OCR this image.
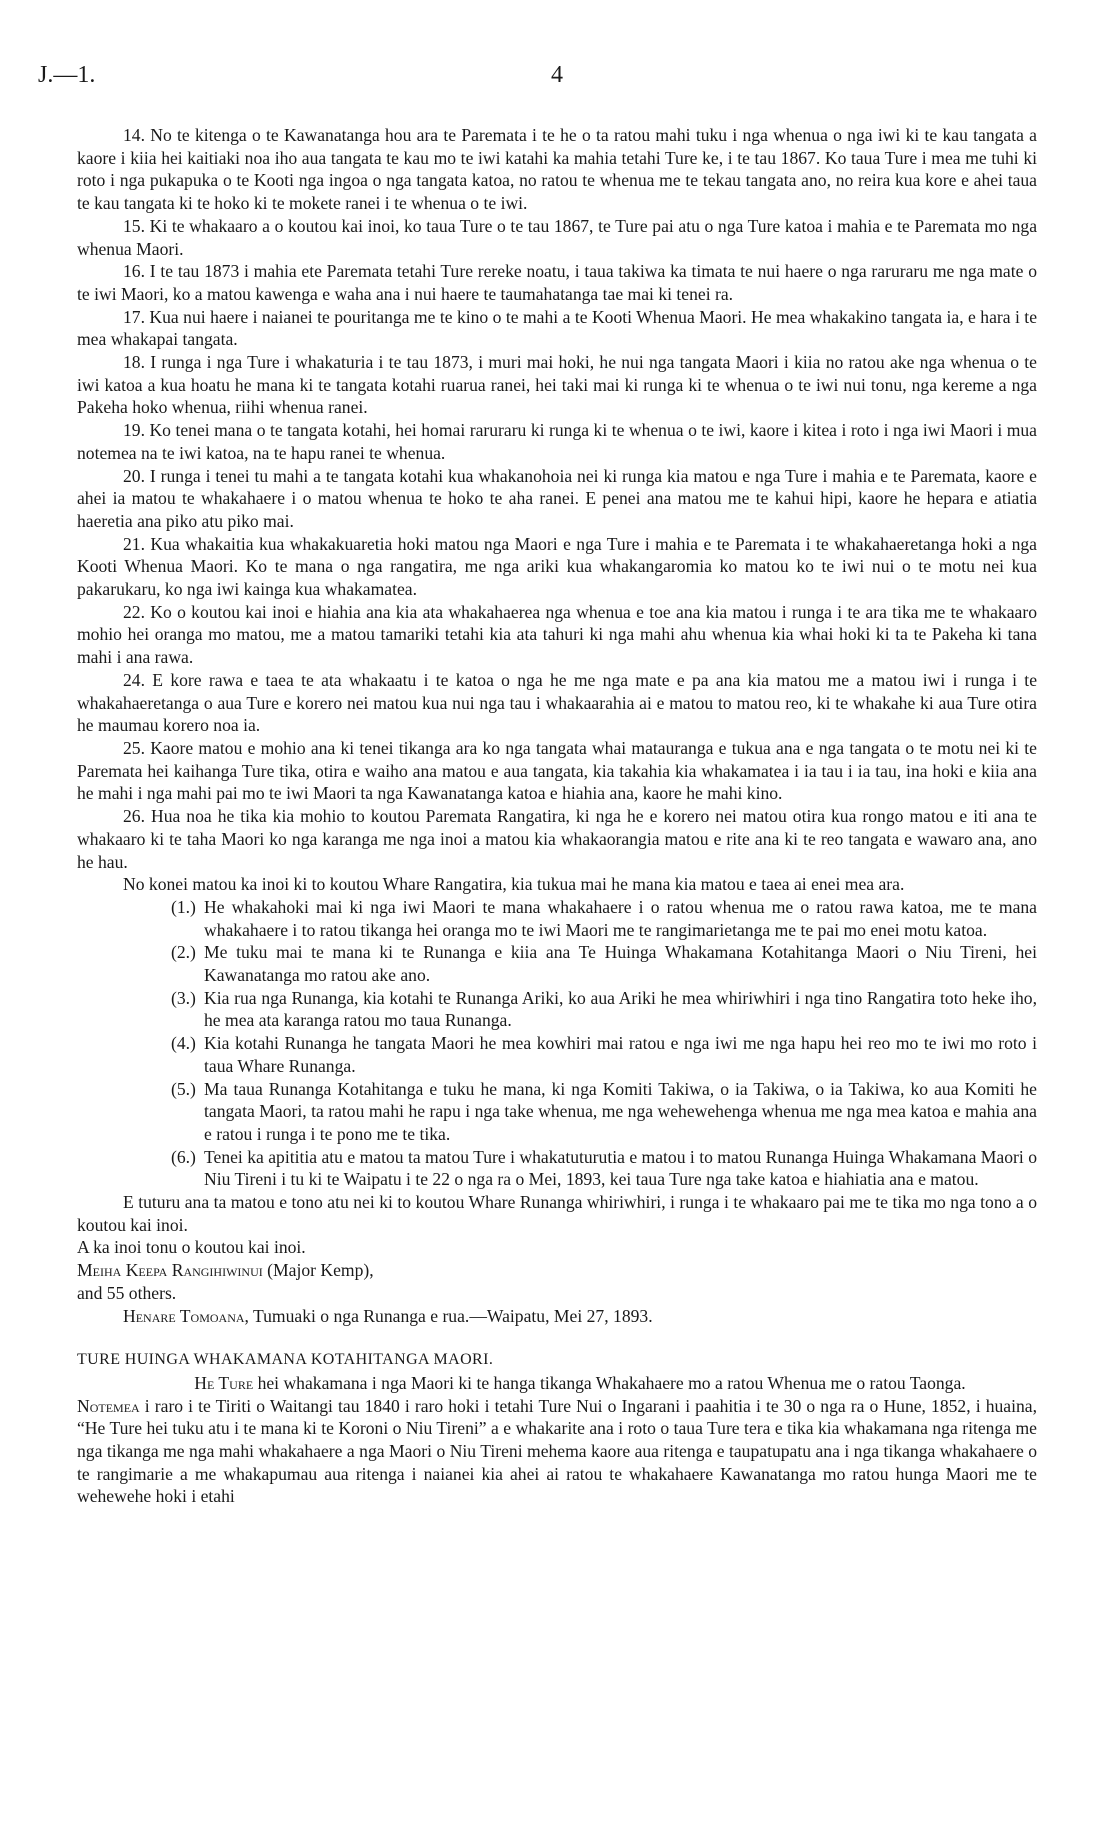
J.—1.	4

14. No te kitenga o te Kawanatanga hou ara te Paremata i te he o ta ratou mahi tuku i nga whenua o nga iwi ki te kau tangata a kaore i kiia hei kaitiaki noa iho aua tangata te kau mo te iwi katahi ka mahia tetahi Ture ke, i te tau 1867. Ko taua Ture i mea me tuhi ki roto i nga pukapuka o te Kooti nga ingoa o nga tangata katoa, no ratou te whenua me te tekau tangata ano, no reira kua kore e ahei taua te kau tangata ki te hoko ki te mokete ranei i te whenua o te iwi.

15. Ki te whakaaro a o koutou kai inoi, ko taua Ture o te tau 1867, te Ture pai atu o nga Ture katoa i mahia e te Paremata mo nga whenua Maori.

16. I te tau 1873 i mahia ete Paremata tetahi Ture rereke noatu, i taua takiwa ka timata te nui haere o nga raruraru me nga mate o te iwi Maori, ko a matou kawenga e waha ana i nui haere te taumahatanga tae mai ki tenei ra.

17. Kua nui haere i naianei te pouritanga me te kino o te mahi a te Kooti Whenua Maori. He mea whakakino tangata ia, e hara i te mea whakapai tangata.

18. I runga i nga Ture i whakaturia i te tau 1873, i muri mai hoki, he nui nga tangata Maori i kiia no ratou ake nga whenua o te iwi katoa a kua hoatu he mana ki te tangata kotahi ruarua ranei, hei taki mai ki runga ki te whenua o te iwi nui tonu, nga kereme a nga Pakeha hoko whenua, riihi whenua ranei.

19. Ko tenei mana o te tangata kotahi, hei homai raruraru ki runga ki te whenua o te iwi, kaore i kitea i roto i nga iwi Maori i mua notemea na te iwi katoa, na te hapu ranei te whenua.

20. I runga i tenei tu mahi a te tangata kotahi kua whakanohoia nei ki runga kia matou e nga Ture i mahia e te Paremata, kaore e ahei ia matou te whakahaere i o matou whenua te hoko te aha ranei. E penei ana matou me te kahui hipi, kaore he hepara e atiatia haeretia ana piko atu piko mai.

21. Kua whakaitia kua whakakuaretia hoki matou nga Maori e nga Ture i mahia e te Paremata i te whakahaeretanga hoki a nga Kooti Whenua Maori. Ko te mana o nga rangatira, me nga ariki kua whakangaromia ko matou ko te iwi nui o te motu nei kua pakarukaru, ko nga iwi kainga kua whakamatea.

22. Ko o koutou kai inoi e hiahia ana kia ata whakahaerea nga whenua e toe ana kia matou i runga i te ara tika me te whakaaro mohio hei oranga mo matou, me a matou tamariki tetahi kia ata tahuri ki nga mahi ahu whenua kia whai hoki ki ta te Pakeha ki tana mahi i ana rawa.

24. E kore rawa e taea te ata whakaatu i te katoa o nga he me nga mate e pa ana kia matou me a matou iwi i runga i te whakahaeretanga o aua Ture e korero nei matou kua nui nga tau i whakaarahia ai e matou to matou reo, ki te whakahe ki aua Ture otira he maumau korero noa ia.

25. Kaore matou e mohio ana ki tenei tikanga ara ko nga tangata whai matauranga e tukua ana e nga tangata o te motu nei ki te Paremata hei kaihanga Ture tika, otira e waiho ana matou e aua tangata, kia takahia kia whakamatea i ia tau i ia tau, ina hoki e kiia ana he mahi i nga mahi pai mo te iwi Maori ta nga Kawanatanga katoa e hiahia ana, kaore he mahi kino.

26. Hua noa he tika kia mohio to koutou Paremata Rangatira, ki nga he e korero nei matou otira kua rongo matou e iti ana te whakaaro ki te taha Maori ko nga karanga me nga inoi a matou kia whakaorangia matou e rite ana ki te reo tangata e wawaro ana, ano he hau.

No konei matou ka inoi ki to koutou Whare Rangatira, kia tukua mai he mana kia matou e taea ai enei mea ara.

(1.) He whakahoki mai ki nga iwi Maori te mana whakahaere i o ratou whenua me o ratou rawa katoa, me te mana whakahaere i to ratou tikanga hei oranga mo te iwi Maori me te rangimarietanga me te pai mo enei motu katoa.
(2.) Me tuku mai te mana ki te Runanga e kiia ana Te Huinga Whakamana Kotahitanga Maori o Niu Tireni, hei Kawanatanga mo ratou ake ano.
(3.) Kia rua nga Runanga, kia kotahi te Runanga Ariki, ko aua Ariki he mea whiriwhiri i nga tino Rangatira toto heke iho, he mea ata karanga ratou mo taua Runanga.
(4.) Kia kotahi Runanga he tangata Maori he mea kowhiri mai ratou e nga iwi me nga hapu hei reo mo te iwi mo roto i taua Whare Runanga.
(5.) Ma taua Runanga Kotahitanga e tuku he mana, ki nga Komiti Takiwa, o ia Takiwa, o ia Takiwa, ko aua Komiti he tangata Maori, ta ratou mahi he rapu i nga take whenua, me nga wehewehenga whenua me nga mea katoa e mahia ana e ratou i runga i te pono me te tika.
(6.) Tenei ka apititia atu e matou ta matou Ture i whakatuturutia e matou i to matou Runanga Huinga Whakamana Maori o Niu Tireni i tu ki te Waipatu i te 22 o nga ra o Mei, 1893, kei taua Ture nga take katoa e hiahiatia ana e matou.

E tuturu ana ta matou e tono atu nei ki to koutou Whare Runanga whiriwhiri, i runga i te whakaaro pai me te tika mo nga tono a o koutou kai inoi.

A ka inoi tonu o koutou kai inoi.

Meiha Keepa Rangihiwinui (Major Kemp),

and 55 others.

Henare Tomoana, Tumuaki o nga Runanga e rua.—Waipatu, Mei 27, 1893.

TURE HUINGA WHAKAMANA KOTAHITANGA MAORI.

He Ture hei whakamana i nga Maori ki te hanga tikanga Whakahaere mo a ratou Whenua me o ratou Taonga.

Notemea i raro i te Tiriti o Waitangi tau 1840 i raro hoki i tetahi Ture Nui o Ingarani i paahitia i te 30 o nga ra o Hune, 1852, i huaina, “He Ture hei tuku atu i te mana ki te Koroni o Niu Tireni” a e whakarite ana i roto o taua Ture tera e tika kia whakamana nga ritenga me nga tikanga me nga mahi whakahaere a nga Maori o Niu Tireni mehema kaore aua ritenga e taupatupatu ana i nga tikanga whakahaere o te rangimarie a me whakapumau aua ritenga i naianei kia ahei ai ratou te whakahaere Kawanatanga mo ratou hunga Maori me te wehewehe hoki i etahi
